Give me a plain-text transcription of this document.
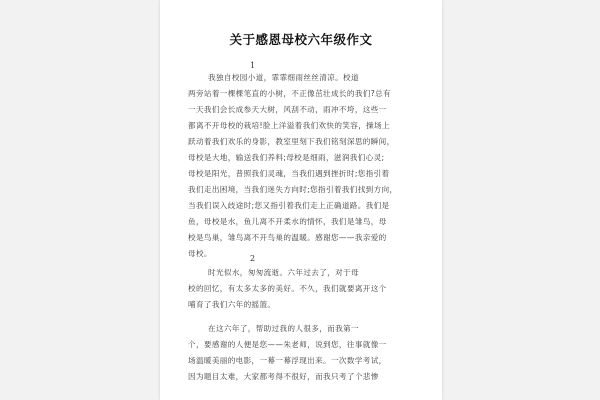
关于感恩母校六年级作文
1
我独自校园小道，霏霏细雨丝丝清凉。校道
两旁站着一棵棵笔直的小树，不正像茁壮成长的我们?总有
一天我们会长成参天大树，风刮不动，雨冲不垮，这些一
都离不开母校的栽培!脸上洋溢着我们欢快的笑容，操场上
跃动着我们欢乐的身影，教室里刻下我们铭刻深思的瞬间，
母校是大地，输送我们养料;母校是细雨，滋润我们心灵;
母校是阳光，普照我们灵魂，当我们遇到挫折时;您指引着
我们走出困境，当我们迷失方向时;您指引着我们找到方向，
当我们误入歧途时;您又指引着我们走上正确道路。我们是
鱼，母校是水，鱼儿离不开柔水的情怀，我们是雏鸟，母
校是鸟巢，雏鸟离不开鸟巢的温暖。感谢您——我亲爱的
母校。
2
时光似水，匆匆流逝。六年过去了，对于母
校的回忆，有太多太多的美好。不久，我们就要离开这个
哺育了我们六年的摇篮。
在这六年了，帮助过我的人很多，而我第一
个，要感谢的人便是您——朱老师，说到您，往事就像一
场温暖美丽的电影，一幕一幕浮现出来。一次数学考试，
因为题目太难，大家都考得不很好，而我只考了个悲惨
